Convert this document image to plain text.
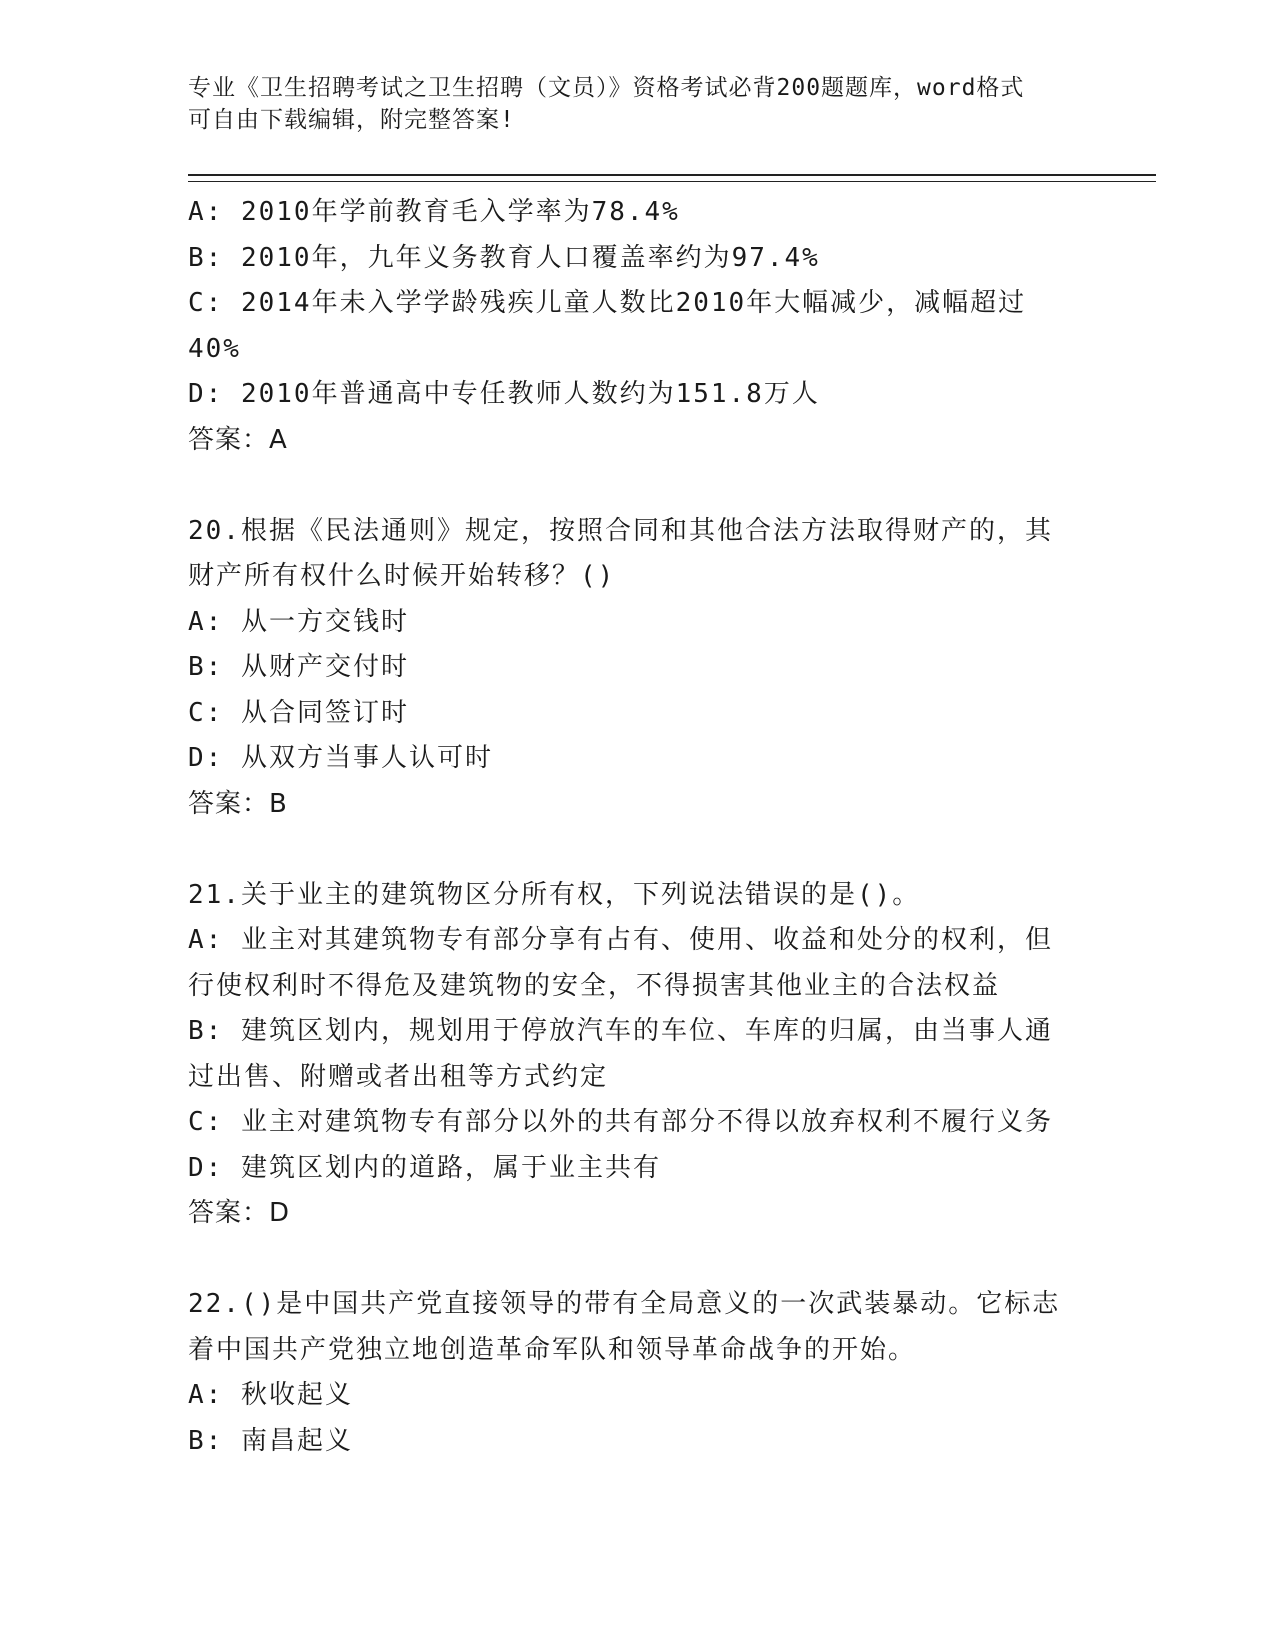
专业《卫生招聘考试之卫生招聘（文员）》资格考试必背200题题库，word格式
可自由下载编辑，附完整答案!
A: 2010年学前教育毛入学率为78.4%
B: 2010年，九年义务教育人口覆盖率约为97.4%
C: 2014年未入学学龄残疾儿童人数比2010年大幅减少，减幅超过
40%
D: 2010年普通高中专任教师人数约为151.8万人
答案：A
20.根据《民法通则》规定，按照合同和其他合法方法取得财产的，其
财产所有权什么时候开始转移？()
A: 从一方交钱时
B: 从财产交付时
C: 从合同签订时
D: 从双方当事人认可时
答案：B
21.关于业主的建筑物区分所有权，下列说法错误的是()。
A: 业主对其建筑物专有部分享有占有、使用、收益和处分的权利，但
行使权利时不得危及建筑物的安全，不得损害其他业主的合法权益
B: 建筑区划内，规划用于停放汽车的车位、车库的归属，由当事人通
过出售、附赠或者出租等方式约定
C: 业主对建筑物专有部分以外的共有部分不得以放弃权利不履行义务
D: 建筑区划内的道路，属于业主共有
答案：D
22.()是中国共产党直接领导的带有全局意义的一次武装暴动。它标志
着中国共产党独立地创造革命军队和领导革命战争的开始。
A: 秋收起义
B: 南昌起义
